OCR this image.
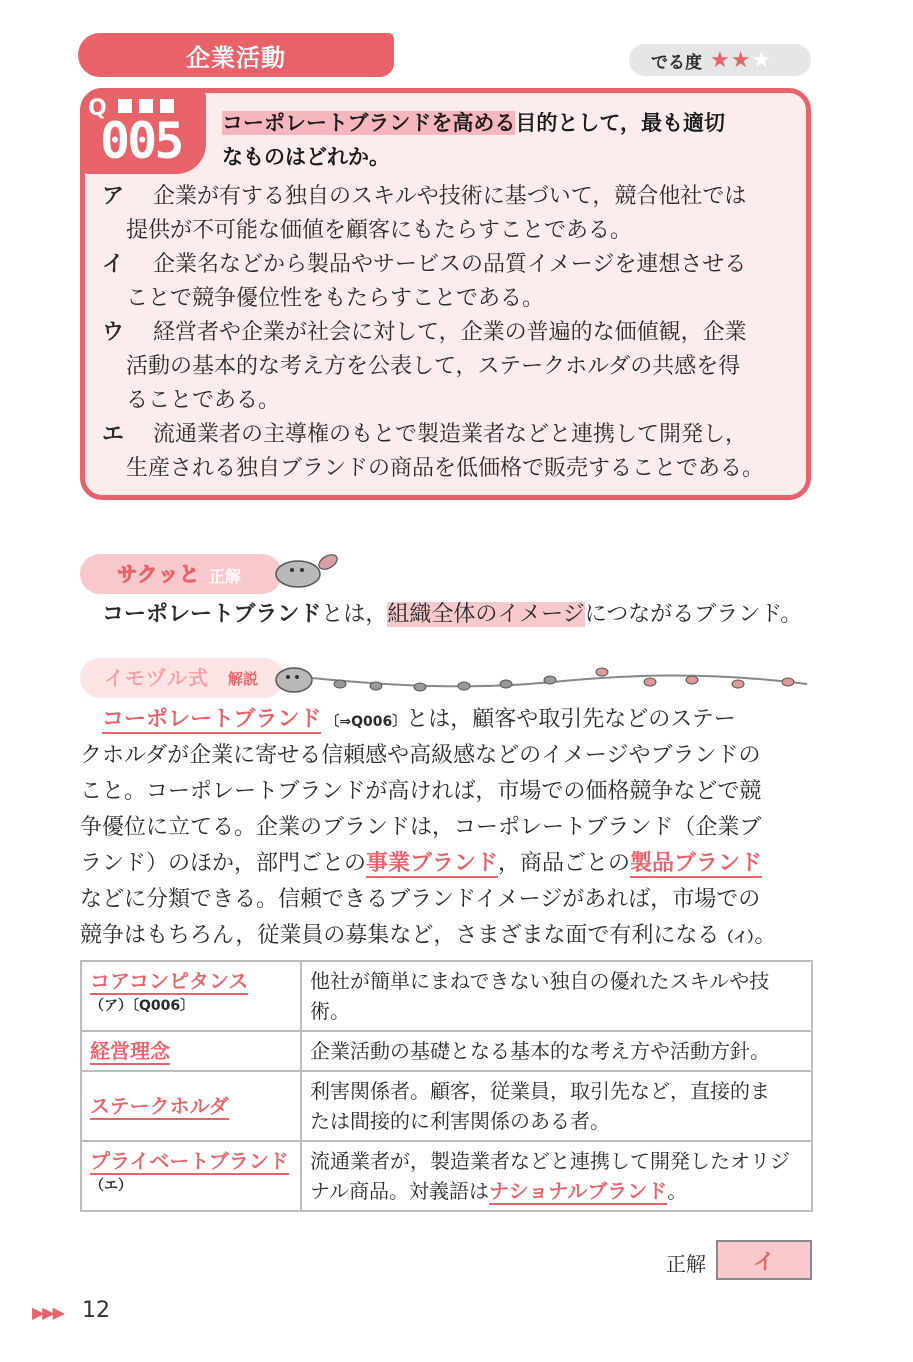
企業活動	でる度 ★★★
Q
005 コーポレートブランドを高める目的として，最も適切
なものはどれか。
ア 企業が有する独自のスキルや技術に基づいて，競合他社では
提供が不可能な価値を顧客にもたらすことである。
イ 企業名などから製品やサービスの品質イメージを連想させる
ことで競争優位性をもたらすことである。
ウ 経営者や企業が社会に対して，企業の普遍的な価値観，企業
活動の基本的な考え方を公表して，ステークホルダの共感を得
ることである。
エ 流通業者の主導権のもとで製造業者などと連携して開発し，
生産される独自ブランドの商品を低価格で販売することである。
サクッと 正解
コーポレートブランドとは，組織全体のイメージにつながるブランド。
イモヅル式 解説
コーポレートブランド 〔⇒Q006〕とは，顧客や取引先などのステー
クホルダが企業に寄せる信頼感や高級感などのイメージやブランドの
こと。コーポレートブランドが高ければ，市場での価格競争などで競
争優位に立てる。企業のブランドは，コーポレートブランド（企業ブ
ランド）のほか，部門ごとの事業ブランド，商品ごとの製品ブランド
などに分類できる。信頼できるブランドイメージがあれば，市場での
競争はもちろん，従業員の募集など，さまざまな面で有利になる（イ）。
コアコンピタンス
（ア）〔Q006〕	他社が簡単にまねできない独自の優れたスキルや技
術。
経営理念	企業活動の基礎となる基本的な考え方や活動方針。
ステークホルダ	利害関係者。顧客，従業員，取引先など，直接的ま
たは間接的に利害関係のある者。
プライベートブランド
（エ）	流通業者が，製造業者などと連携して開発したオリジ
ナル商品。対義語はナショナルブランド。
正解 イ
▶▶▶ 12
